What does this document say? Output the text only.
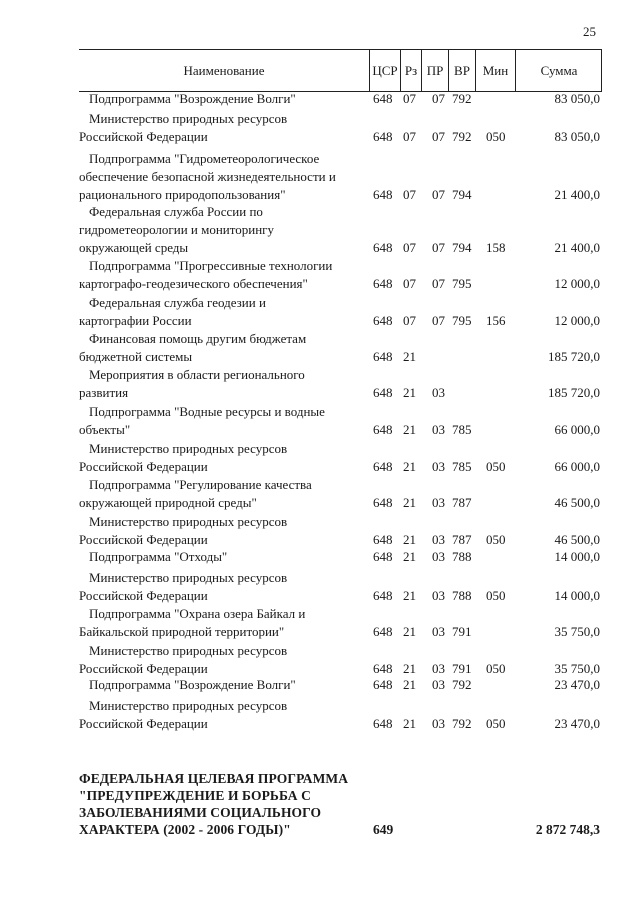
25
Наименование	ЦСР Рз ПР ВР Мин	Сумма
Подпрограмма "Возрождение Волги"	648 07 07 792	83 050,0
Министерство природных ресурсов
Российской Федерации	648 07 07 792 050	83 050,0
Подпрограмма "Гидрометеорологическое
обеспечение безопасной жизнедеятельности и
рационального природопользования"	648 07 07 794	21 400,0
Федеральная служба России по
гидрометеорологии и мониторингу
окружающей среды	648 07 07 794 158	21 400,0
Подпрограмма "Прогрессивные технологии
картографо-геодезического обеспечения"	648 07 07 795	12 000,0
Федеральная служба геодезии и
картографии России	648 07 07 795 156	12 000,0
Финансовая помощь другим бюджетам
бюджетной системы	648 21	185 720,0
Мероприятия в области регионального
развития	648 21 03	185 720,0
Подпрограмма "Водные ресурсы и водные
объекты"	648 21 03 785	66 000,0
Министерство природных ресурсов
Российской Федерации	648 21 03 785 050	66 000,0
Подпрограмма "Регулирование качества
окружающей природной среды"	648 21 03 787	46 500,0
Министерство природных ресурсов
Российской Федерации	648 21 03 787 050	46 500,0
Подпрограмма "Отходы"	648 21 03 788	14 000,0
Министерство природных ресурсов
Российской Федерации	648 21 03 788 050	14 000,0
Подпрограмма "Охрана озера Байкал и
Байкальской природной территории"	648 21 03 791	35 750,0
Министерство природных ресурсов
Российской Федерации	648 21 03 791 050	35 750,0
Подпрограмма "Возрождение Волги"	648 21 03 792	23 470,0
Министерство природных ресурсов
Российской Федерации	648 21 03 792 050	23 470,0
ФЕДЕРАЛЬНАЯ ЦЕЛЕВАЯ ПРОГРАММА
"ПРЕДУПРЕЖДЕНИЕ И БОРЬБА С
ЗАБОЛЕВАНИЯМИ СОЦИАЛЬНОГО
ХАРАКТЕРА (2002 - 2006 ГОДЫ)"	649	2 872 748,3
